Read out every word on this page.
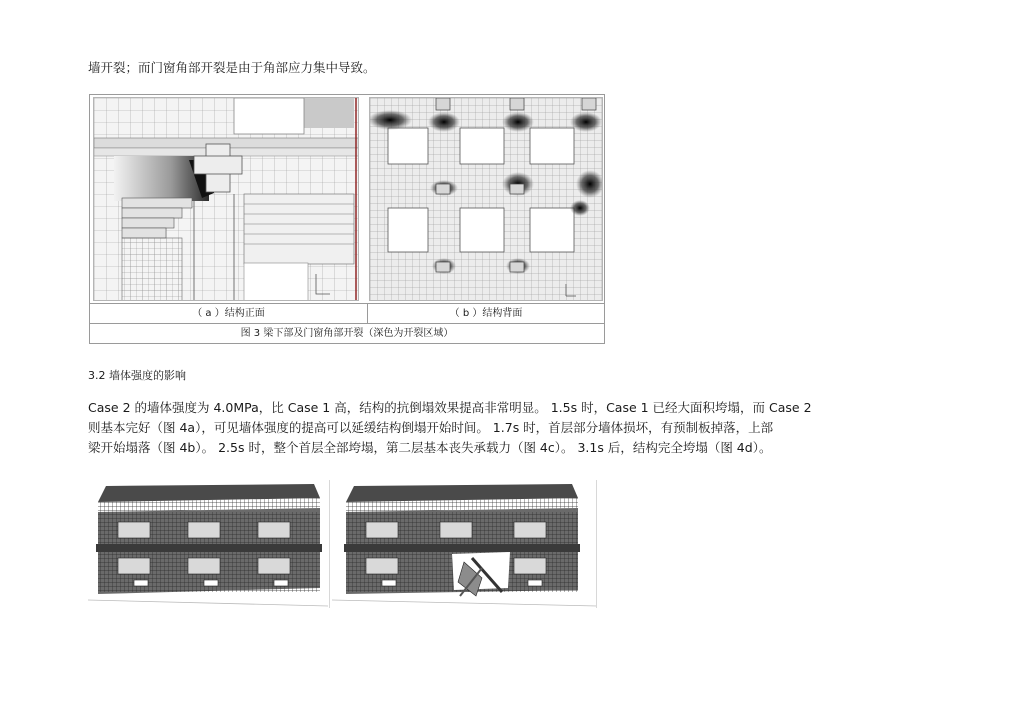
墙开裂；而门窗角部开裂是由于角部应力集中导致。
（ a ）结构正面	（ b ）结构背面
图 3 梁下部及门窗角部开裂（深色为开裂区域）
3.2 墙体强度的影响
Case 2 的墙体强度为 4.0MPa，比 Case 1 高，结构的抗倒塌效果提高非常明显。 1.5s 时，Case 1 已经大面积垮塌，而 Case 2
则基本完好（图 4a），可见墙体强度的提高可以延缓结构倒塌开始时间。 1.7s 时，首层部分墙体损坏，有预制板掉落，上部
梁开始塌落（图 4b）。 2.5s 时，整个首层全部垮塌，第二层基本丧失承载力（图 4c）。 3.1s 后，结构完全垮塌（图 4d）。
